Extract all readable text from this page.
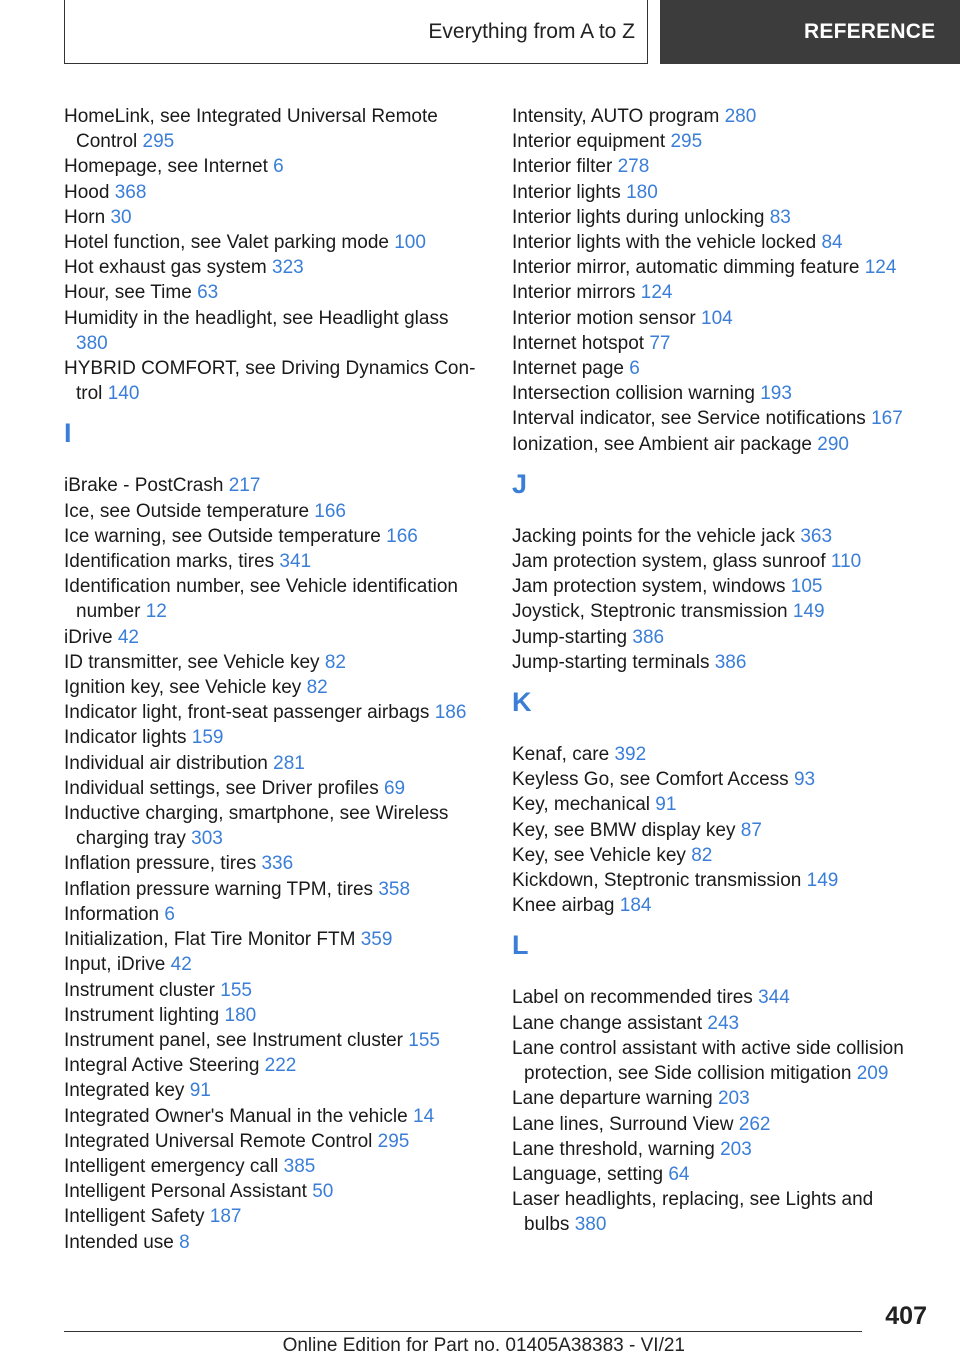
Everything from A to Z	REFERENCE
HomeLink, see Integrated Universal Remote Control 295
Homepage, see Internet 6
Hood 368
Horn 30
Hotel function, see Valet parking mode 100
Hot exhaust gas system 323
Hour, see Time 63
Humidity in the headlight, see Headlight glass 380
HYBRID COMFORT, see Driving Dynamics Control 140
I
iBrake - PostCrash 217
Ice, see Outside temperature 166
Ice warning, see Outside temperature 166
Identification marks, tires 341
Identification number, see Vehicle identification number 12
iDrive 42
ID transmitter, see Vehicle key 82
Ignition key, see Vehicle key 82
Indicator light, front-seat passenger airbags 186
Indicator lights 159
Individual air distribution 281
Individual settings, see Driver profiles 69
Inductive charging, smartphone, see Wireless charging tray 303
Inflation pressure, tires 336
Inflation pressure warning TPM, tires 358
Information 6
Initialization, Flat Tire Monitor FTM 359
Input, iDrive 42
Instrument cluster 155
Instrument lighting 180
Instrument panel, see Instrument cluster 155
Integral Active Steering 222
Integrated key 91
Integrated Owner's Manual in the vehicle 14
Integrated Universal Remote Control 295
Intelligent emergency call 385
Intelligent Personal Assistant 50
Intelligent Safety 187
Intended use 8
Intensity, AUTO program 280
Interior equipment 295
Interior filter 278
Interior lights 180
Interior lights during unlocking 83
Interior lights with the vehicle locked 84
Interior mirror, automatic dimming feature 124
Interior mirrors 124
Interior motion sensor 104
Internet hotspot 77
Internet page 6
Intersection collision warning 193
Interval indicator, see Service notifications 167
Ionization, see Ambient air package 290
J
Jacking points for the vehicle jack 363
Jam protection system, glass sunroof 110
Jam protection system, windows 105
Joystick, Steptronic transmission 149
Jump-starting 386
Jump-starting terminals 386
K
Kenaf, care 392
Keyless Go, see Comfort Access 93
Key, mechanical 91
Key, see BMW display key 87
Key, see Vehicle key 82
Kickdown, Steptronic transmission 149
Knee airbag 184
L
Label on recommended tires 344
Lane change assistant 243
Lane control assistant with active side collision protection, see Side collision mitigation 209
Lane departure warning 203
Lane lines, Surround View 262
Lane threshold, warning 203
Language, setting 64
Laser headlights, replacing, see Lights and bulbs 380
407
Online Edition for Part no. 01405A38383 - VI/21
